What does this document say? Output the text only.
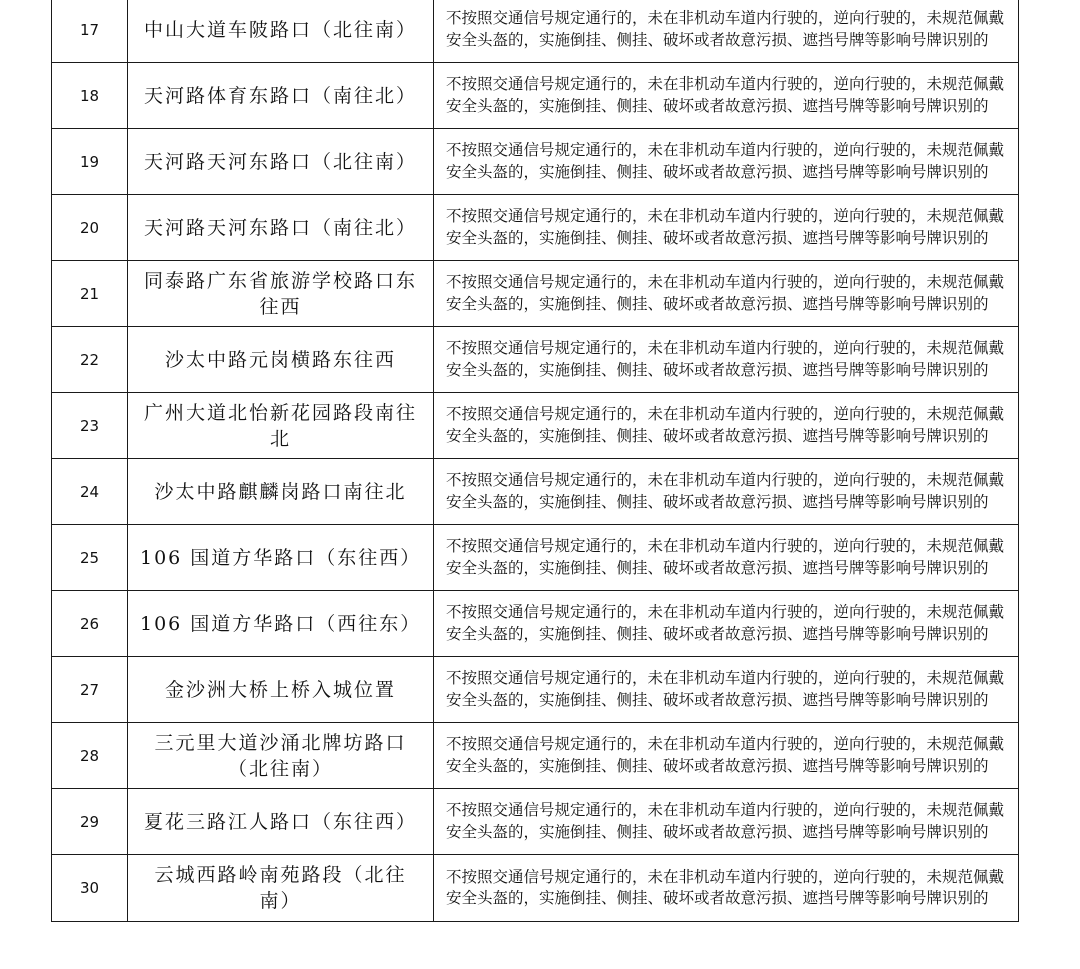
17	中山大道车陂路口（北往南）	不按照交通信号规定通行的，未在非机动车道内行驶的，逆向行驶的，未规范佩戴安全头盔的，实施倒挂、侧挂、破坏或者故意污损、遮挡号牌等影响号牌识别的
18	天河路体育东路口（南往北）	不按照交通信号规定通行的，未在非机动车道内行驶的，逆向行驶的，未规范佩戴安全头盔的，实施倒挂、侧挂、破坏或者故意污损、遮挡号牌等影响号牌识别的
19	天河路天河东路口（北往南）	不按照交通信号规定通行的，未在非机动车道内行驶的，逆向行驶的，未规范佩戴安全头盔的，实施倒挂、侧挂、破坏或者故意污损、遮挡号牌等影响号牌识别的
20	天河路天河东路口（南往北）	不按照交通信号规定通行的，未在非机动车道内行驶的，逆向行驶的，未规范佩戴安全头盔的，实施倒挂、侧挂、破坏或者故意污损、遮挡号牌等影响号牌识别的
21	同泰路广东省旅游学校路口东往西	不按照交通信号规定通行的，未在非机动车道内行驶的，逆向行驶的，未规范佩戴安全头盔的，实施倒挂、侧挂、破坏或者故意污损、遮挡号牌等影响号牌识别的
22	沙太中路元岗横路东往西	不按照交通信号规定通行的，未在非机动车道内行驶的，逆向行驶的，未规范佩戴安全头盔的，实施倒挂、侧挂、破坏或者故意污损、遮挡号牌等影响号牌识别的
23	广州大道北怡新花园路段南往北	不按照交通信号规定通行的，未在非机动车道内行驶的，逆向行驶的，未规范佩戴安全头盔的，实施倒挂、侧挂、破坏或者故意污损、遮挡号牌等影响号牌识别的
24	沙太中路麒麟岗路口南往北	不按照交通信号规定通行的，未在非机动车道内行驶的，逆向行驶的，未规范佩戴安全头盔的，实施倒挂、侧挂、破坏或者故意污损、遮挡号牌等影响号牌识别的
25	106 国道方华路口（东往西）	不按照交通信号规定通行的，未在非机动车道内行驶的，逆向行驶的，未规范佩戴安全头盔的，实施倒挂、侧挂、破坏或者故意污损、遮挡号牌等影响号牌识别的
26	106 国道方华路口（西往东）	不按照交通信号规定通行的，未在非机动车道内行驶的，逆向行驶的，未规范佩戴安全头盔的，实施倒挂、侧挂、破坏或者故意污损、遮挡号牌等影响号牌识别的
27	金沙洲大桥上桥入城位置	不按照交通信号规定通行的，未在非机动车道内行驶的，逆向行驶的，未规范佩戴安全头盔的，实施倒挂、侧挂、破坏或者故意污损、遮挡号牌等影响号牌识别的
28	三元里大道沙涌北牌坊路口（北往南）	不按照交通信号规定通行的，未在非机动车道内行驶的，逆向行驶的，未规范佩戴安全头盔的，实施倒挂、侧挂、破坏或者故意污损、遮挡号牌等影响号牌识别的
29	夏花三路江人路口（东往西）	不按照交通信号规定通行的，未在非机动车道内行驶的，逆向行驶的，未规范佩戴安全头盔的，实施倒挂、侧挂、破坏或者故意污损、遮挡号牌等影响号牌识别的
30	云城西路岭南苑路段（北往南）	不按照交通信号规定通行的，未在非机动车道内行驶的，逆向行驶的，未规范佩戴安全头盔的，实施倒挂、侧挂、破坏或者故意污损、遮挡号牌等影响号牌识别的
